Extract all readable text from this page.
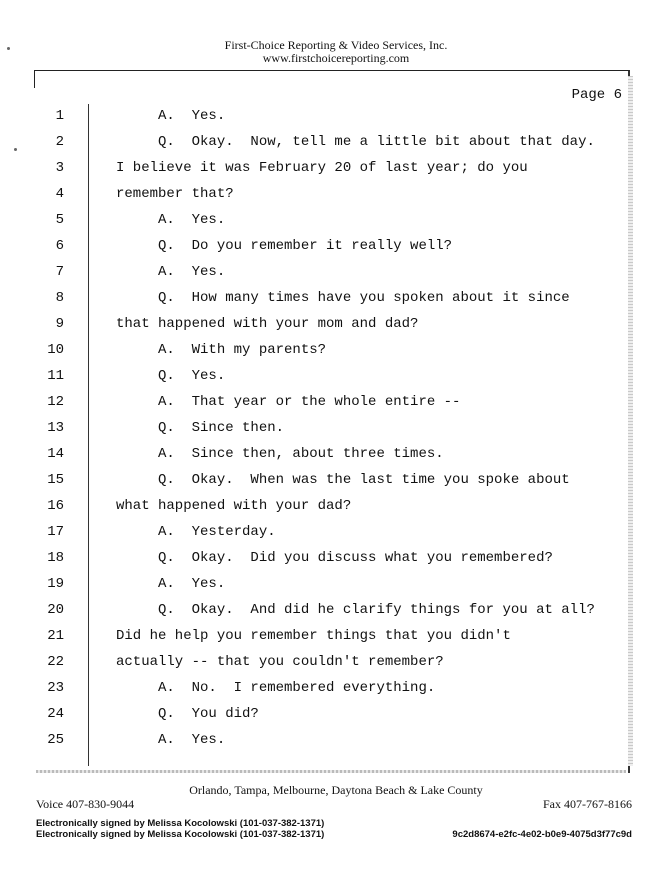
First-Choice Reporting & Video Services, Inc.
www.firstchoicereporting.com
Page 6
1	A.  Yes.
2	Q.  Okay.  Now, tell me a little bit about that day.
3	I believe it was February 20 of last year; do you
4	remember that?
5	A.  Yes.
6	Q.  Do you remember it really well?
7	A.  Yes.
8	Q.  How many times have you spoken about it since
9	that happened with your mom and dad?
10	A.  With my parents?
11	Q.  Yes.
12	A.  That year or the whole entire --
13	Q.  Since then.
14	A.  Since then, about three times.
15	Q.  Okay.  When was the last time you spoke about
16	what happened with your dad?
17	A.  Yesterday.
18	Q.  Okay.  Did you discuss what you remembered?
19	A.  Yes.
20	Q.  Okay.  And did he clarify things for you at all?
21	Did he help you remember things that you didn't
22	actually -- that you couldn't remember?
23	A.  No.  I remembered everything.
24	Q.  You did?
25	A.  Yes.
Orlando, Tampa, Melbourne, Daytona Beach & Lake County
Voice 407-830-9044	Fax 407-767-8166
Electronically signed by Melissa Kocolowski (101-037-382-1371)
Electronically signed by Melissa Kocolowski (101-037-382-1371)	9c2d8674-e2fc-4e02-b0e9-4075d3f77c9d
